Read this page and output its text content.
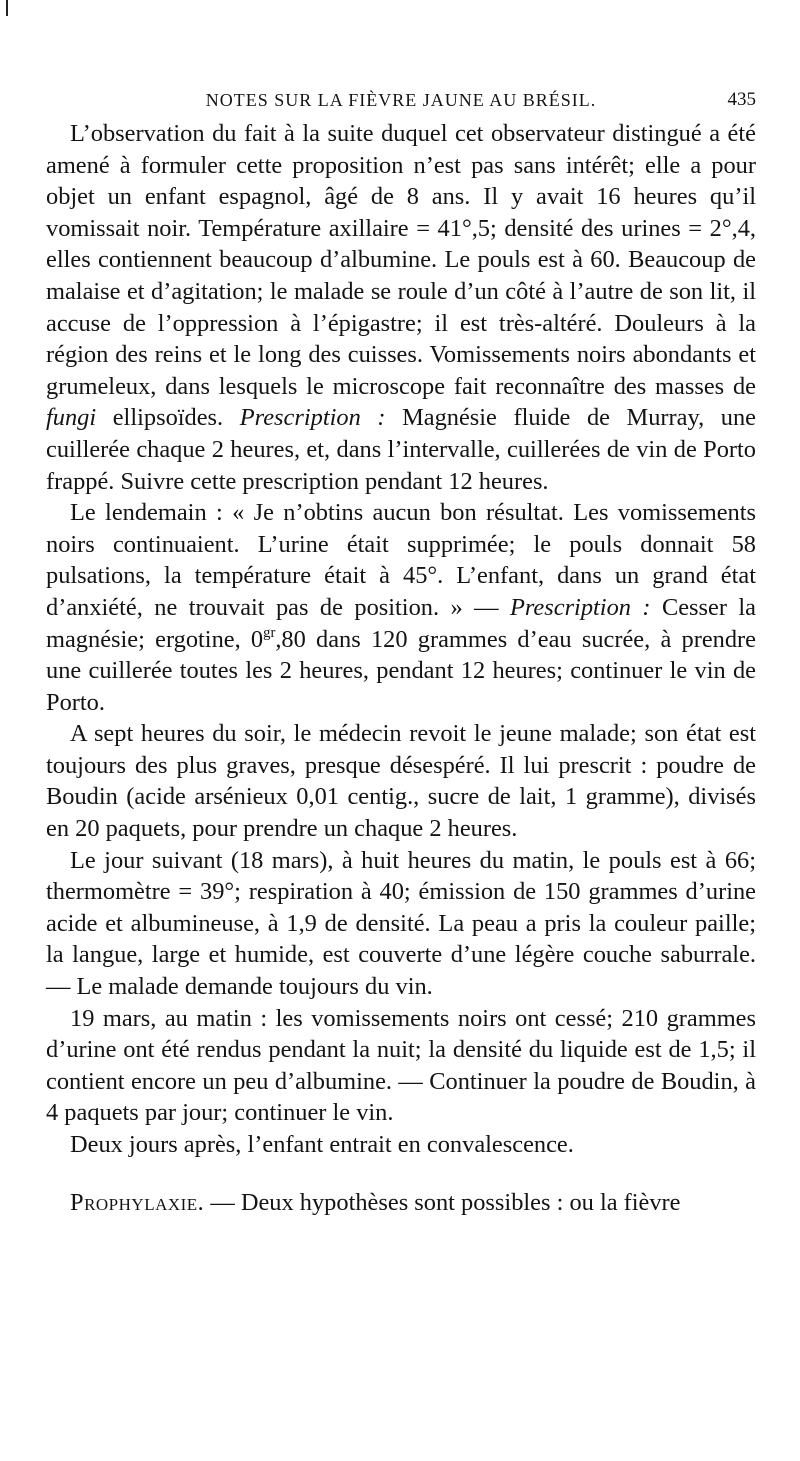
NOTES SUR LA FIÈVRE JAUNE AU BRÉSIL.	435

L’observation du fait à la suite duquel cet observateur distingué a été amené à formuler cette proposition n’est pas sans intérêt; elle a pour objet un enfant espagnol, âgé de 8 ans. Il y avait 16 heures qu’il vomissait noir. Température axillaire = 41°,5; densité des urines = 2°,4, elles contiennent beaucoup d’albumine. Le pouls est à 60. Beaucoup de malaise et d’agitation; le malade se roule d’un côté à l’autre de son lit, il accuse de l’oppression à l’épigastre; il est très-altéré. Douleurs à la région des reins et le long des cuisses. Vomissements noirs abondants et grumeleux, dans lesquels le microscope fait reconnaître des masses de fungi ellipsoïdes. Prescription : Magnésie fluide de Murray, une cuillerée chaque 2 heures, et, dans l’intervalle, cuillerées de vin de Porto frappé. Suivre cette prescription pendant 12 heures.

Le lendemain : « Je n’obtins aucun bon résultat. Les vomissements noirs continuaient. L’urine était supprimée; le pouls donnait 58 pulsations, la température était à 45°. L’enfant, dans un grand état d’anxiété, ne trouvait pas de position. » — Prescription : Cesser la magnésie; ergotine, $0^{gr},80$ dans 120 grammes d’eau sucrée, à prendre une cuillerée toutes les 2 heures, pendant 12 heures; continuer le vin de Porto.

A sept heures du soir, le médecin revoit le jeune malade; son état est toujours des plus graves, presque désespéré. Il lui prescrit : poudre de Boudin (acide arsénieux 0,01 centig., sucre de lait, 1 gramme), divisés en 20 paquets, pour prendre un chaque 2 heures.

Le jour suivant (18 mars), à huit heures du matin, le pouls est à 66; thermomètre = 39°; respiration à 40; émission de 150 grammes d’urine acide et albumineuse, à 1,9 de densité. La peau a pris la couleur paille; la langue, large et humide, est couverte d’une légère couche saburrale. — Le malade demande toujours du vin.

19 mars, au matin : les vomissements noirs ont cessé; 210 grammes d’urine ont été rendus pendant la nuit; la densité du liquide est de 1,5; il contient encore un peu d’albumine. — Continuer la poudre de Boudin, à 4 paquets par jour; continuer le vin.

Deux jours après, l’enfant entrait en convalescence.

Prophylaxie. — Deux hypothèses sont possibles : ou la fièvre
